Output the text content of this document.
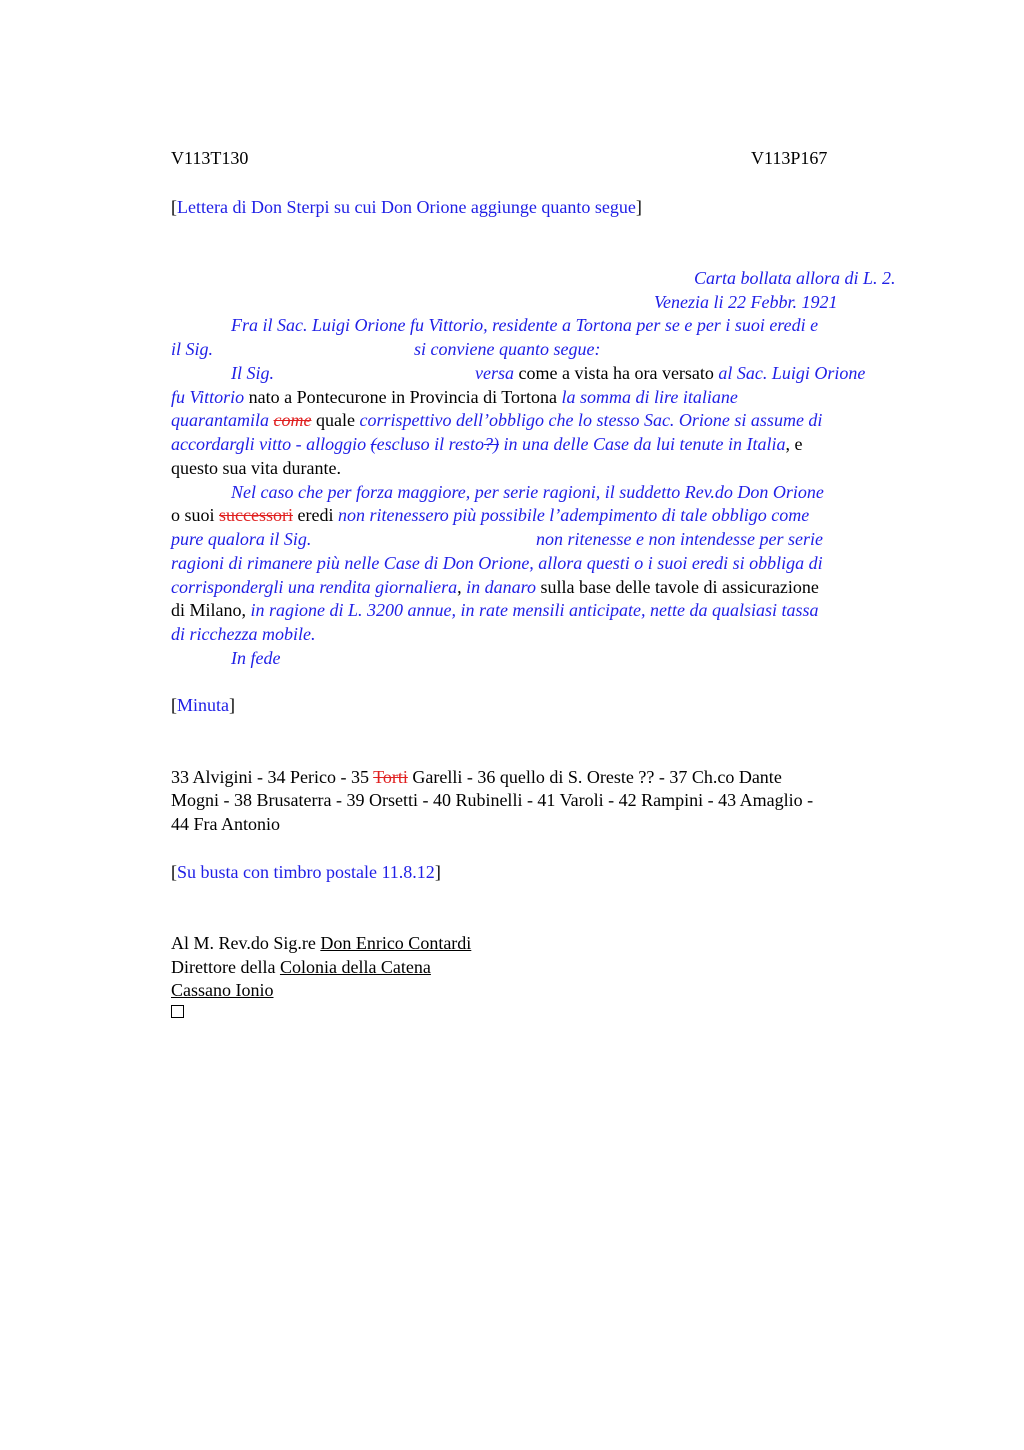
V113T130	V113P167
[Lettera di Don Sterpi su cui Don Orione aggiunge quanto segue]
Carta bollata allora di L. 2.
Venezia li 22 Febbr. 1921
Fra il Sac. Luigi Orione fu Vittorio, residente a Tortona per se e per i suoi eredi e
il Sig.	si conviene quanto segue:
Il Sig.	versa come a vista ha ora versato al Sac. Luigi Orione
fu Vittorio nato a Pontecurone in Provincia di Tortona la somma di lire italiane
quarantamila come quale corrispettivo dell’obbligo che lo stesso Sac. Orione si assume di
accordargli vitto - alloggio (escluso il resto?) in una delle Case da lui tenute in Italia, e
questo sua vita durante.
Nel caso che per forza maggiore, per serie ragioni, il suddetto Rev.do Don Orione
o suoi successori eredi non ritenessero più possibile l’adempimento di tale obbligo come
pure qualora il Sig.	non ritenesse e non intendesse per serie
ragioni di rimanere più nelle Case di Don Orione, allora questi o i suoi eredi si obbliga di
corrispondergli una rendita giornaliera, in danaro sulla base delle tavole di assicurazione
di Milano, in ragione di L. 3200 annue, in rate mensili anticipate, nette da qualsiasi tassa
di ricchezza mobile.
In fede
[Minuta]
33 Alvigini - 34 Perico - 35 Torti Garelli - 36 quello di S. Oreste ?? - 37 Ch.co Dante
Mogni - 38 Brusaterra - 39 Orsetti - 40 Rubinelli - 41 Varoli - 42 Rampini - 43 Amaglio -
44 Fra Antonio
[Su busta con timbro postale 11.8.12]
Al M. Rev.do Sig.re Don Enrico Contardi
Direttore della Colonia della Catena
Cassano Ionio
